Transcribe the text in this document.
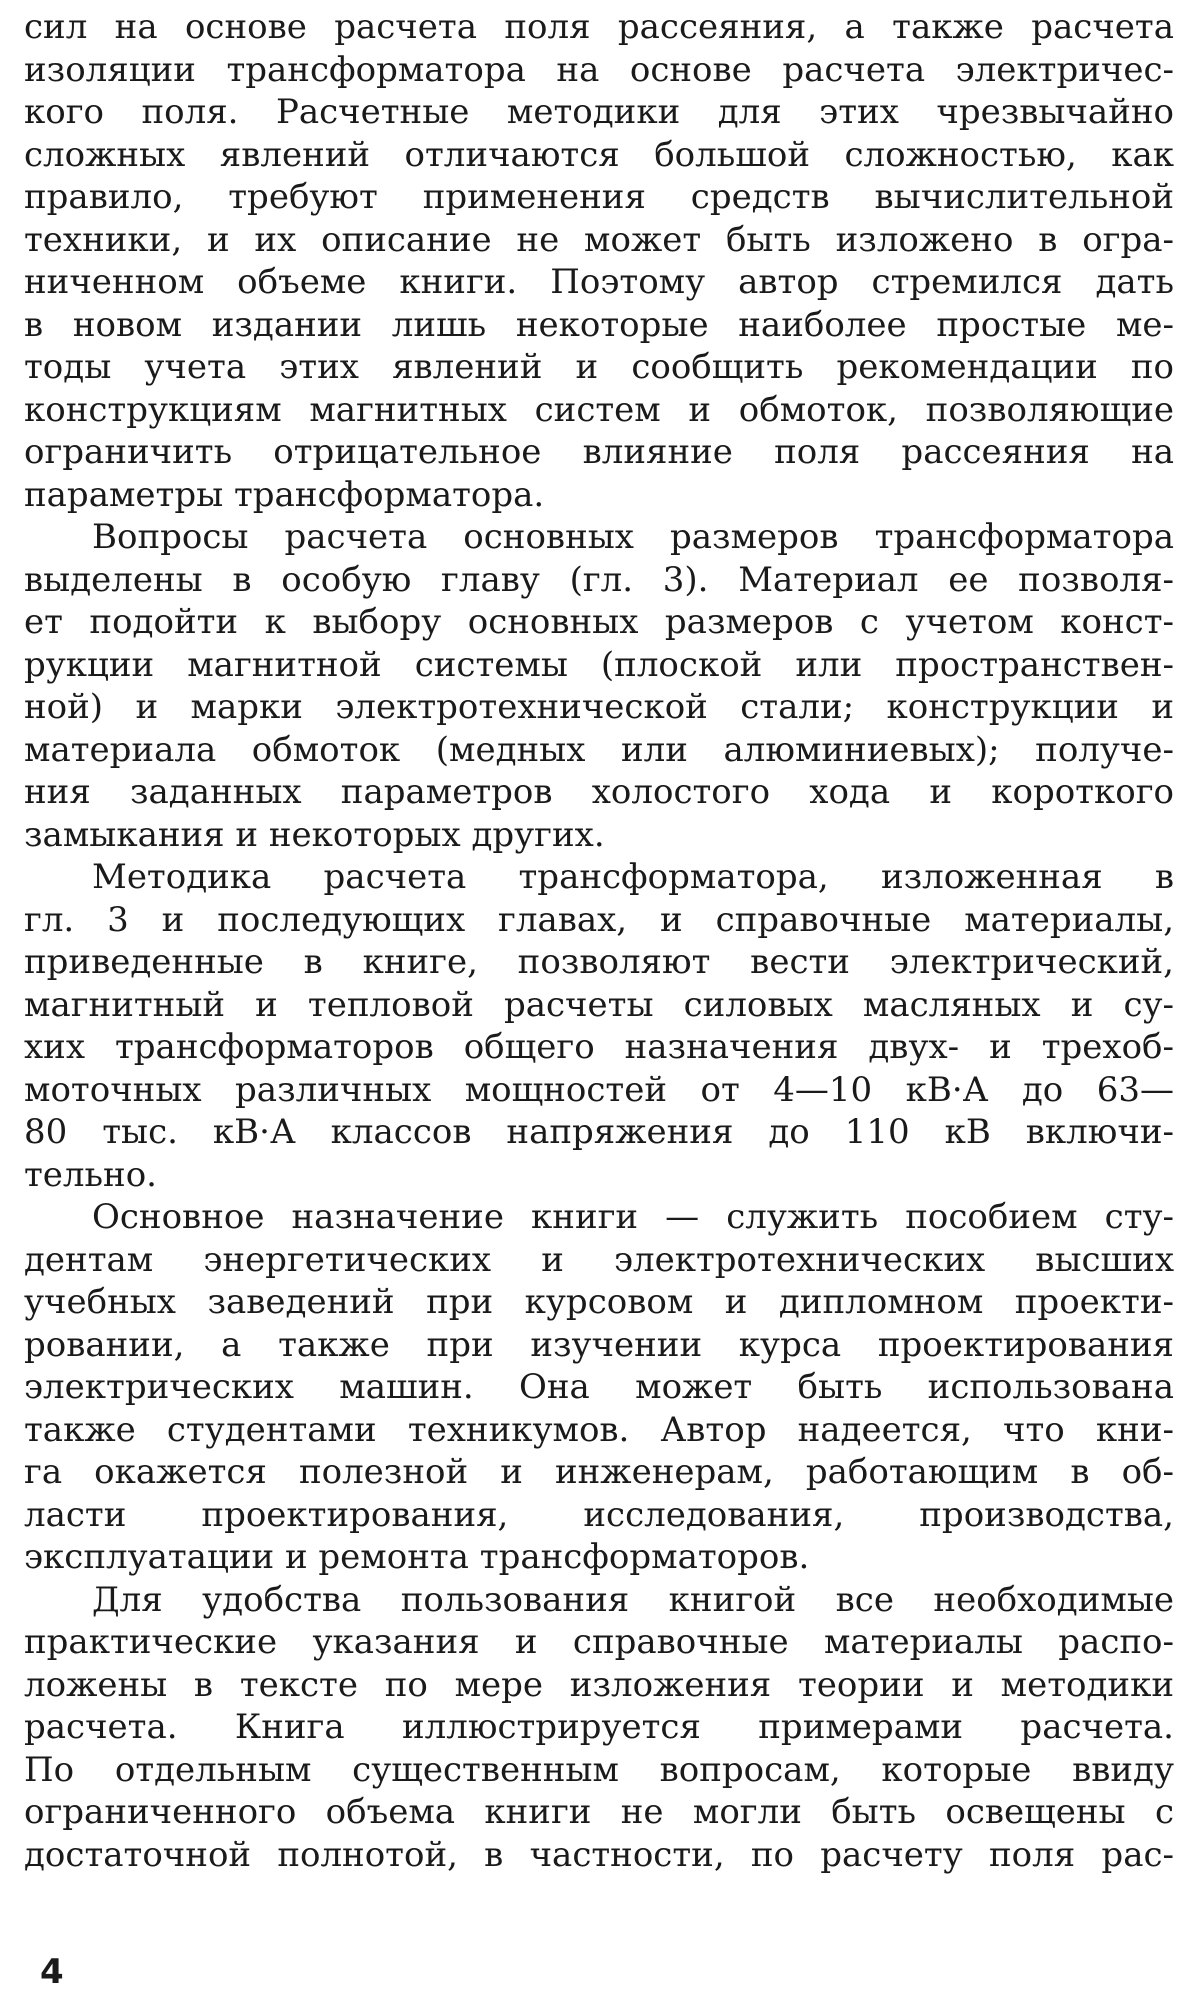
сил на основе расчета поля рассеяния, а также расчета
изоляции трансформатора на основе расчета электричес-
кого поля. Расчетные методики для этих чрезвычайно
сложных явлений отличаются большой сложностью, как
правило, требуют применения средств вычислительной
техники, и их описание не может быть изложено в огра-
ниченном объеме книги. Поэтому автор стремился дать
в новом издании лишь некоторые наиболее простые ме-
тоды учета этих явлений и сообщить рекомендации по
конструкциям магнитных систем и обмоток, позволяющие
ограничить отрицательное влияние поля рассеяния на
параметры трансформатора.
Вопросы расчета основных размеров трансформатора
выделены в особую главу (гл. 3). Материал ее позволя-
ет подойти к выбору основных размеров с учетом конст-
рукции магнитной системы (плоской или пространствен-
ной) и марки электротехнической стали; конструкции и
материала обмоток (медных или алюминиевых); получе-
ния заданных параметров холостого хода и короткого
замыкания и некоторых других.
Методика расчета трансформатора, изложенная в
гл. 3 и последующих главах, и справочные материалы,
приведенные в книге, позволяют вести электрический,
магнитный и тепловой расчеты силовых масляных и су-
хих трансформаторов общего назначения двух- и трехоб-
моточных различных мощностей от 4—10 кВ·А до 63—
80 тыс. кВ·А классов напряжения до 110 кВ включи-
тельно.
Основное назначение книги — служить пособием сту-
дентам энергетических и электротехнических высших
учебных заведений при курсовом и дипломном проекти-
ровании, а также при изучении курса проектирования
электрических машин. Она может быть использована
также студентами техникумов. Автор надеется, что кни-
га окажется полезной и инженерам, работающим в об-
ласти проектирования, исследования, производства,
эксплуатации и ремонта трансформаторов.
Для удобства пользования книгой все необходимые
практические указания и справочные материалы распо-
ложены в тексте по мере изложения теории и методики
расчета. Книга иллюстрируется примерами расчета.
По отдельным существенным вопросам, которые ввиду
ограниченного объема книги не могли быть освещены с
достаточной полнотой, в частности, по расчету поля рас-
4
